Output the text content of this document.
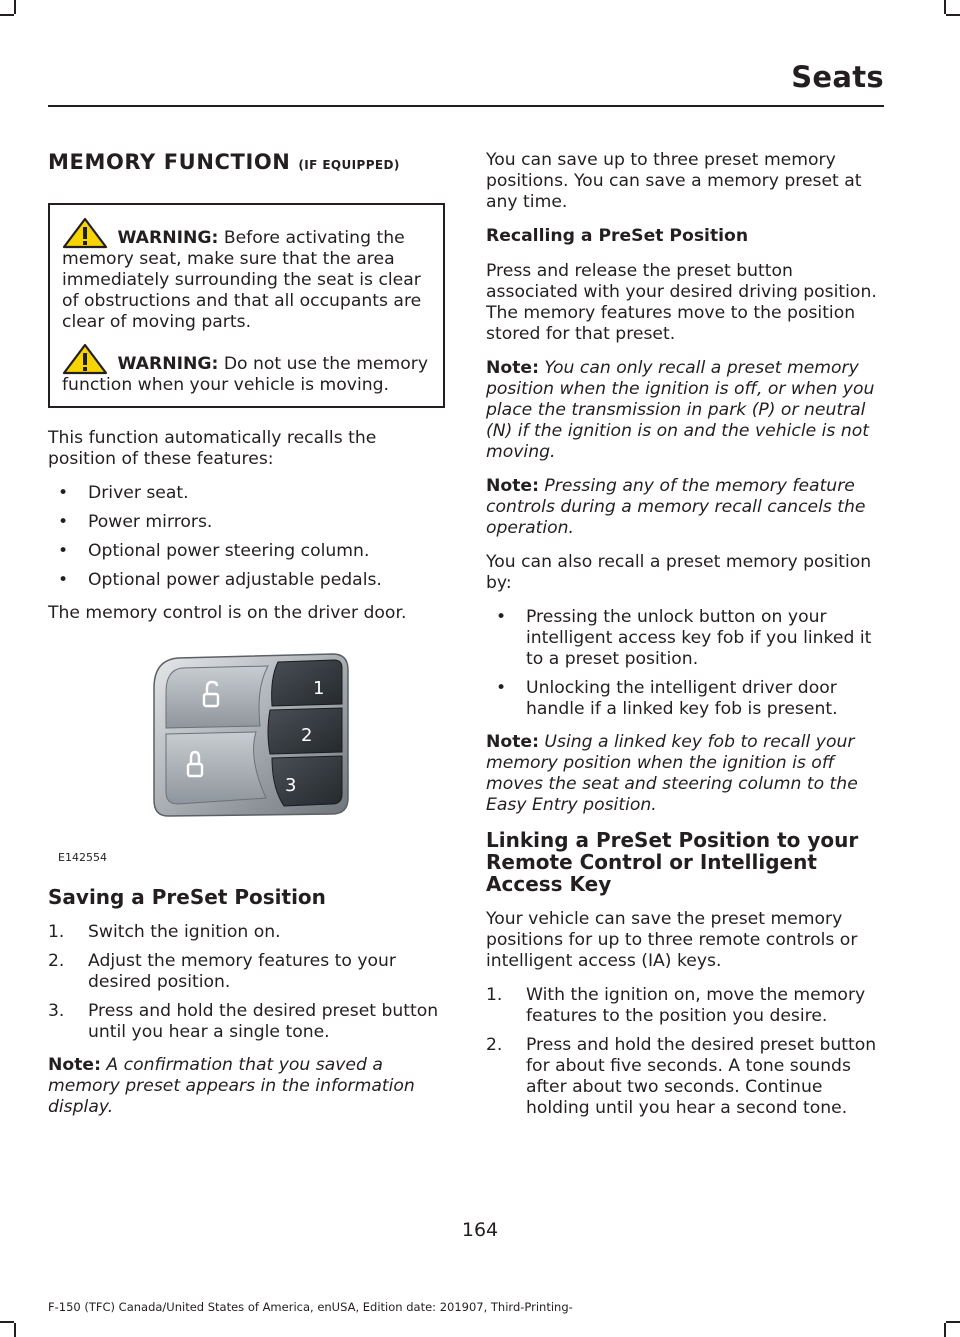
Seats
MEMORY FUNCTION (IF EQUIPPED)
WARNING: Before activating the memory seat, make sure that the area immediately surrounding the seat is clear of obstructions and that all occupants are clear of moving parts.
WARNING: Do not use the memory function when your vehicle is moving.

This function automatically recalls the position of these features:

• Driver seat.
• Power mirrors.
• Optional power steering column.
• Optional power adjustable pedals.

The memory control is on the driver door.

1
2
3
E142554
Saving a PreSet Position
1. Switch the ignition on.
2. Adjust the memory features to your desired position.
3. Press and hold the desired preset button until you hear a single tone.

Note: A confirmation that you saved a memory preset appears in the information display.

You can save up to three preset memory positions. You can save a memory preset at any time.

Recalling a PreSet Position

Press and release the preset button associated with your desired driving position. The memory features move to the position stored for that preset.

Note: You can only recall a preset memory position when the ignition is off, or when you place the transmission in park (P) or neutral (N) if the ignition is on and the vehicle is not moving.

Note: Pressing any of the memory feature controls during a memory recall cancels the operation.

You can also recall a preset memory position by:

• Pressing the unlock button on your intelligent access key fob if you linked it to a preset position.
• Unlocking the intelligent driver door handle if a linked key fob is present.

Note: Using a linked key fob to recall your memory position when the ignition is off moves the seat and steering column to the Easy Entry position.

Linking a PreSet Position to your Remote Control or Intelligent Access Key

Your vehicle can save the preset memory positions for up to three remote controls or intelligent access (IA) keys.

1. With the ignition on, move the memory features to the position you desire.
2. Press and hold the desired preset button for about five seconds. A tone sounds after about two seconds. Continue holding until you hear a second tone.
164
F-150 (TFC) Canada/United States of America, enUSA, Edition date: 201907, Third-Printing-
